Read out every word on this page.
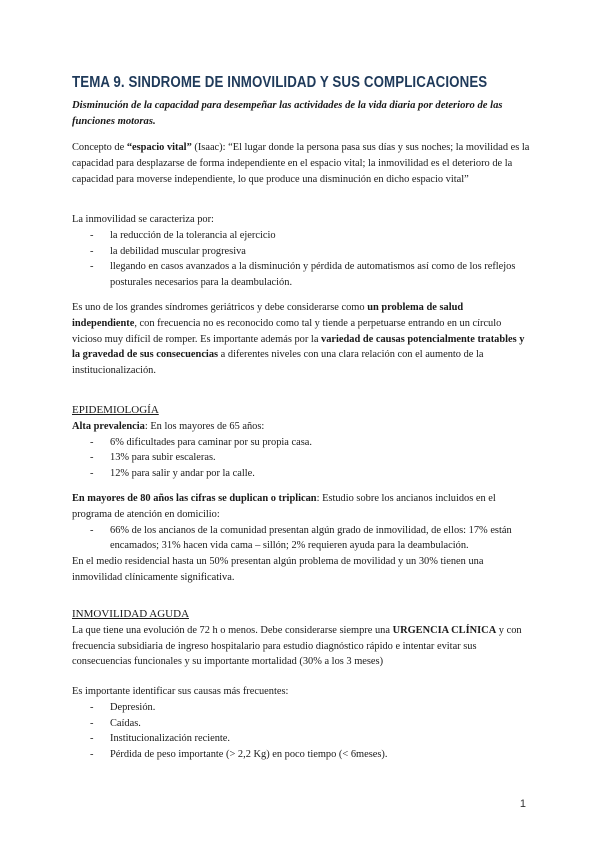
TEMA 9. SINDROME DE INMOVILIDAD Y SUS COMPLICACIONES

Disminución de la capacidad para desempeñar las actividades de la vida diaria por deterioro de las funciones motoras.

Concepto de “espacio vital” (Isaac): “El lugar donde la persona pasa sus días y sus noches; la movilidad es la capacidad para desplazarse de forma independiente en el espacio vital; la inmovilidad es el deterioro de la capacidad para moverse independiente, lo que produce una disminución en dicho espacio vital”

La inmovilidad se caracteriza por:
- la reducción de la tolerancia al ejercicio
- la debilidad muscular progresiva
- llegando en casos avanzados a la disminución y pérdida de automatismos así como de los reflejos posturales necesarios para la deambulación.

Es uno de los grandes síndromes geriátricos y debe considerarse como un problema de salud independiente, con frecuencia no es reconocido como tal y tiende a perpetuarse entrando en un círculo vicioso muy difícil de romper. Es importante además por la variedad de causas potencialmente tratables y la gravedad de sus consecuencias a diferentes niveles con una clara relación con el aumento de la institucionalización.

EPIDEMIOLOGÍA
Alta prevalencia: En los mayores de 65 años:
- 6% dificultades para caminar por su propia casa.
- 13% para subir escaleras.
- 12% para salir y andar por la calle.
En mayores de 80 años las cifras se duplican o triplican: Estudio sobre los ancianos incluidos en el programa de atención en domicilio:
- 66% de los ancianos de la comunidad presentan algún grado de inmovilidad, de ellos: 17% están encamados; 31% hacen vida cama – sillón; 2% requieren ayuda para la deambulación.
En el medio residencial hasta un 50% presentan algún problema de movilidad y un 30% tienen una inmovilidad clínicamente significativa.
INMOVILIDAD AGUDA
La que tiene una evolución de 72 h o menos. Debe considerarse siempre una URGENCIA CLÍNICA y con frecuencia subsidiaria de ingreso hospitalario para estudio diagnóstico rápido e intentar evitar sus consecuencias funcionales y su importante mortalidad (30% a los 3 meses)
Es importante identificar sus causas más frecuentes:
- Depresión.
- Caídas.
- Institucionalización reciente.
- Pérdida de peso importante (> 2,2 Kg) en poco tiempo (< 6meses).
1
